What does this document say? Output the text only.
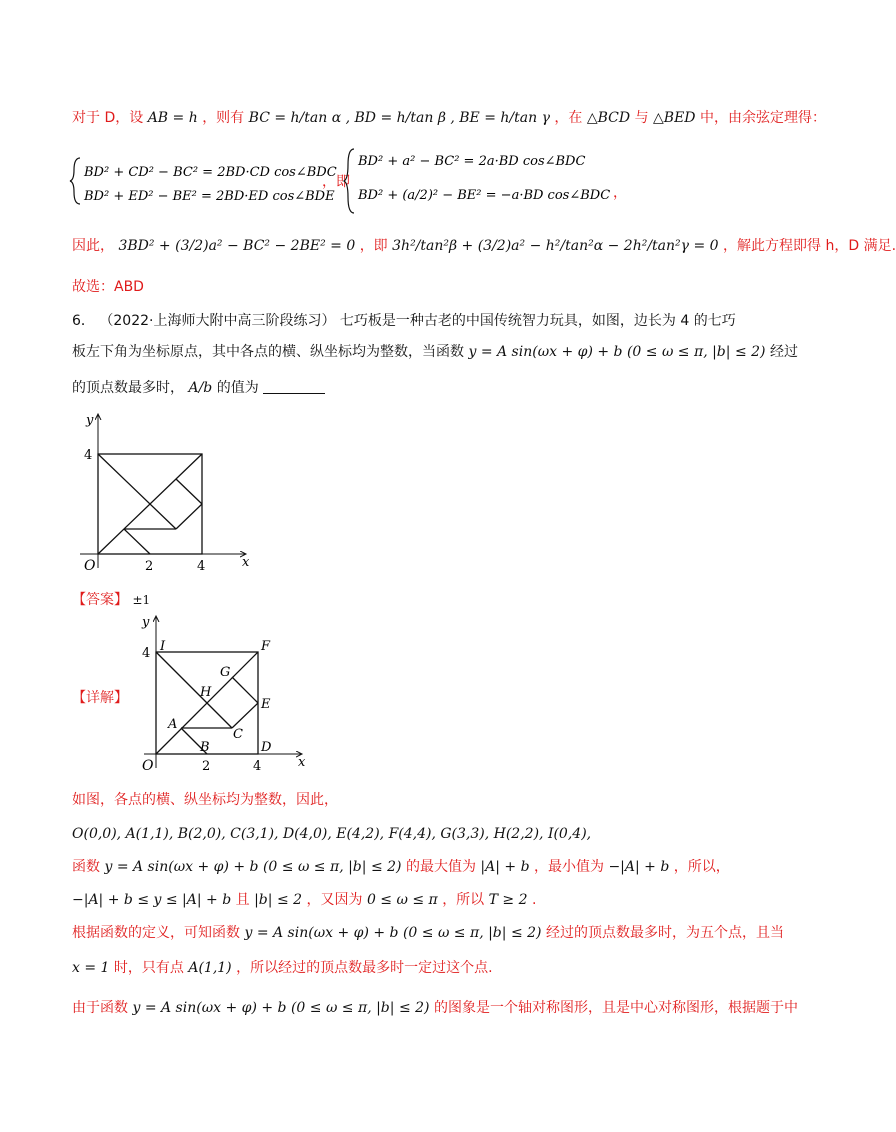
对于 D，设 AB = h ，则有 BC = h/tan α , BD = h/tan β , BE = h/tan γ ，在 △BCD 与 △BED 中，由余弦定理得：
BD² + CD² − BC² = 2BD·CD cos∠BDC
BD² + ED² − BE² = 2BD·ED cos∠BDE
，即
BD² + a² − BC² = 2a·BD cos∠BDC
BD² + (a/2)² − BE² = −a·BD cos∠BDC ，
因此， 3BD² + (3/2)a² − BC² − 2BE² = 0 ，即 3h²/tan²β + (3/2)a² − h²/tan²α − 2h²/tan²γ = 0 ，解此方程即得 h，D 满足.
故选：ABD
6． （2022·上海师大附中高三阶段练习） 七巧板是一种古老的中国传统智力玩具，如图，边长为 4 的七巧
板左下角为坐标原点，其中各点的横、纵坐标均为整数，当函数 y = A sin(ωx + φ) + b (0 ≤ ω ≤ π, |b| ≤ 2) 经过
的顶点数最多时， A/b 的值为
y
x
O	2	4
4
【答案】 ±1
【详解】
y
x
O	2	4
4 I	F
G
H
E
A
C
B	D
如图，各点的横、纵坐标均为整数，因此，
O(0,0), A(1,1), B(2,0), C(3,1), D(4,0), E(4,2), F(4,4), G(3,3), H(2,2), I(0,4),
函数 y = A sin(ωx + φ) + b (0 ≤ ω ≤ π, |b| ≤ 2) 的最大值为 |A| + b ，最小值为 −|A| + b ，所以，
−|A| + b ≤ y ≤ |A| + b 且 |b| ≤ 2 ，又因为 0 ≤ ω ≤ π ，所以 T ≥ 2 .
根据函数的定义，可知函数 y = A sin(ωx + φ) + b (0 ≤ ω ≤ π, |b| ≤ 2) 经过的顶点数最多时，为五个点，且当
x = 1 时，只有点 A(1,1) ，所以经过的顶点数最多时一定过这个点.
由于函数 y = A sin(ωx + φ) + b (0 ≤ ω ≤ π, |b| ≤ 2) 的图象是一个轴对称图形，且是中心对称图形，根据题于中
